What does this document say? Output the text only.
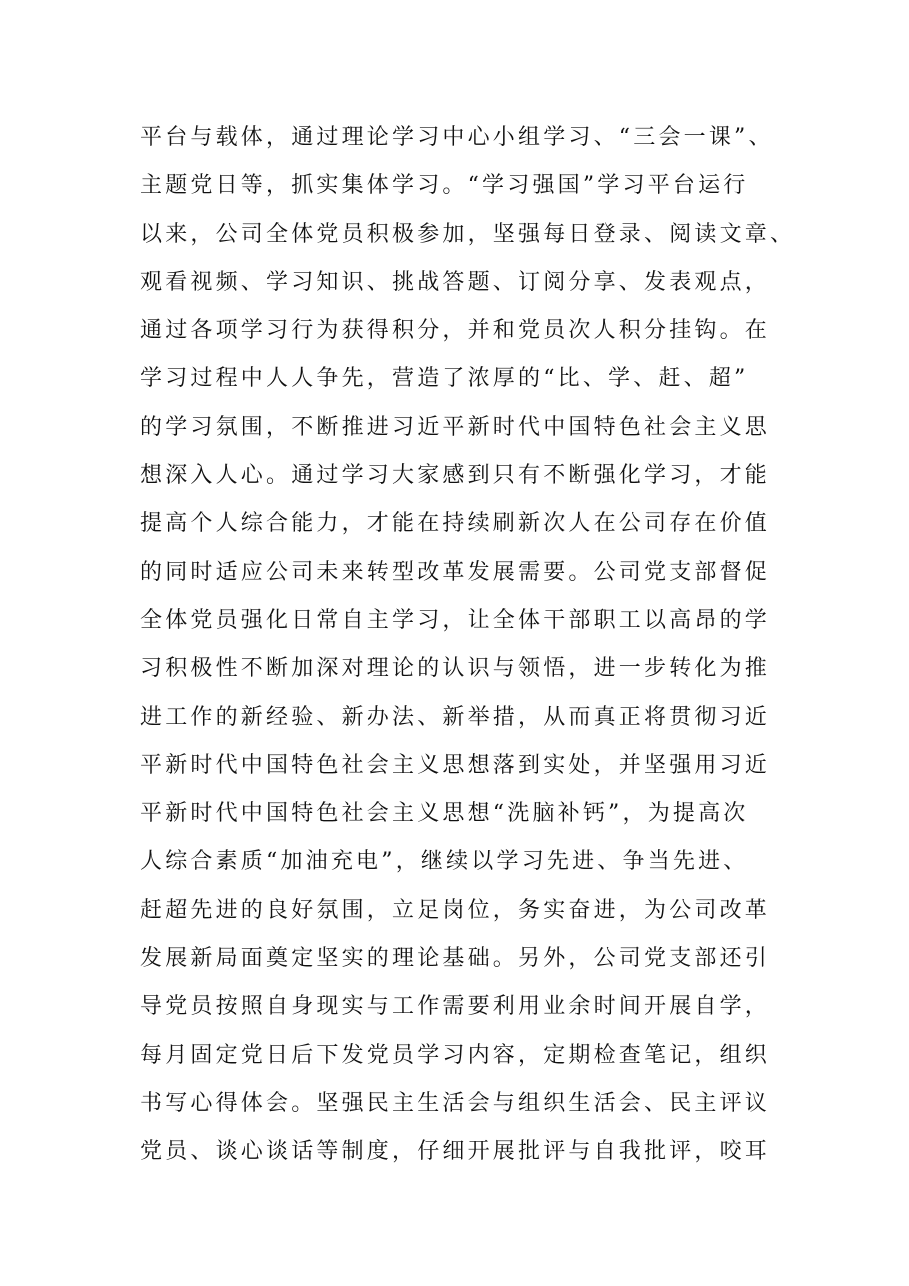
平台与载体，通过理论学习中心小组学习、“三会一课”、
主题党日等，抓实集体学习。“学习强国”学习平台运行
以来，公司全体党员积极参加，坚强每日登录、阅读文章、
观看视频、学习知识、挑战答题、订阅分享、发表观点，
通过各项学习行为获得积分，并和党员次人积分挂钩。在
学习过程中人人争先，营造了浓厚的“比、学、赶、超”
的学习氛围，不断推进习近平新时代中国特色社会主义思
想深入人心。通过学习大家感到只有不断强化学习，才能
提高个人综合能力，才能在持续刷新次人在公司存在价值
的同时适应公司未来转型改革发展需要。公司党支部督促
全体党员强化日常自主学习，让全体干部职工以高昂的学
习积极性不断加深对理论的认识与领悟，进一步转化为推
进工作的新经验、新办法、新举措，从而真正将贯彻习近
平新时代中国特色社会主义思想落到实处，并坚强用习近
平新时代中国特色社会主义思想“洗脑补钙”，为提高次
人综合素质“加油充电”，继续以学习先进、争当先进、
赶超先进的良好氛围，立足岗位，务实奋进，为公司改革
发展新局面奠定坚实的理论基础。另外，公司党支部还引
导党员按照自身现实与工作需要利用业余时间开展自学，
每月固定党日后下发党员学习内容，定期检查笔记，组织
书写心得体会。坚强民主生活会与组织生活会、民主评议
党员、谈心谈话等制度，仔细开展批评与自我批评，咬耳
